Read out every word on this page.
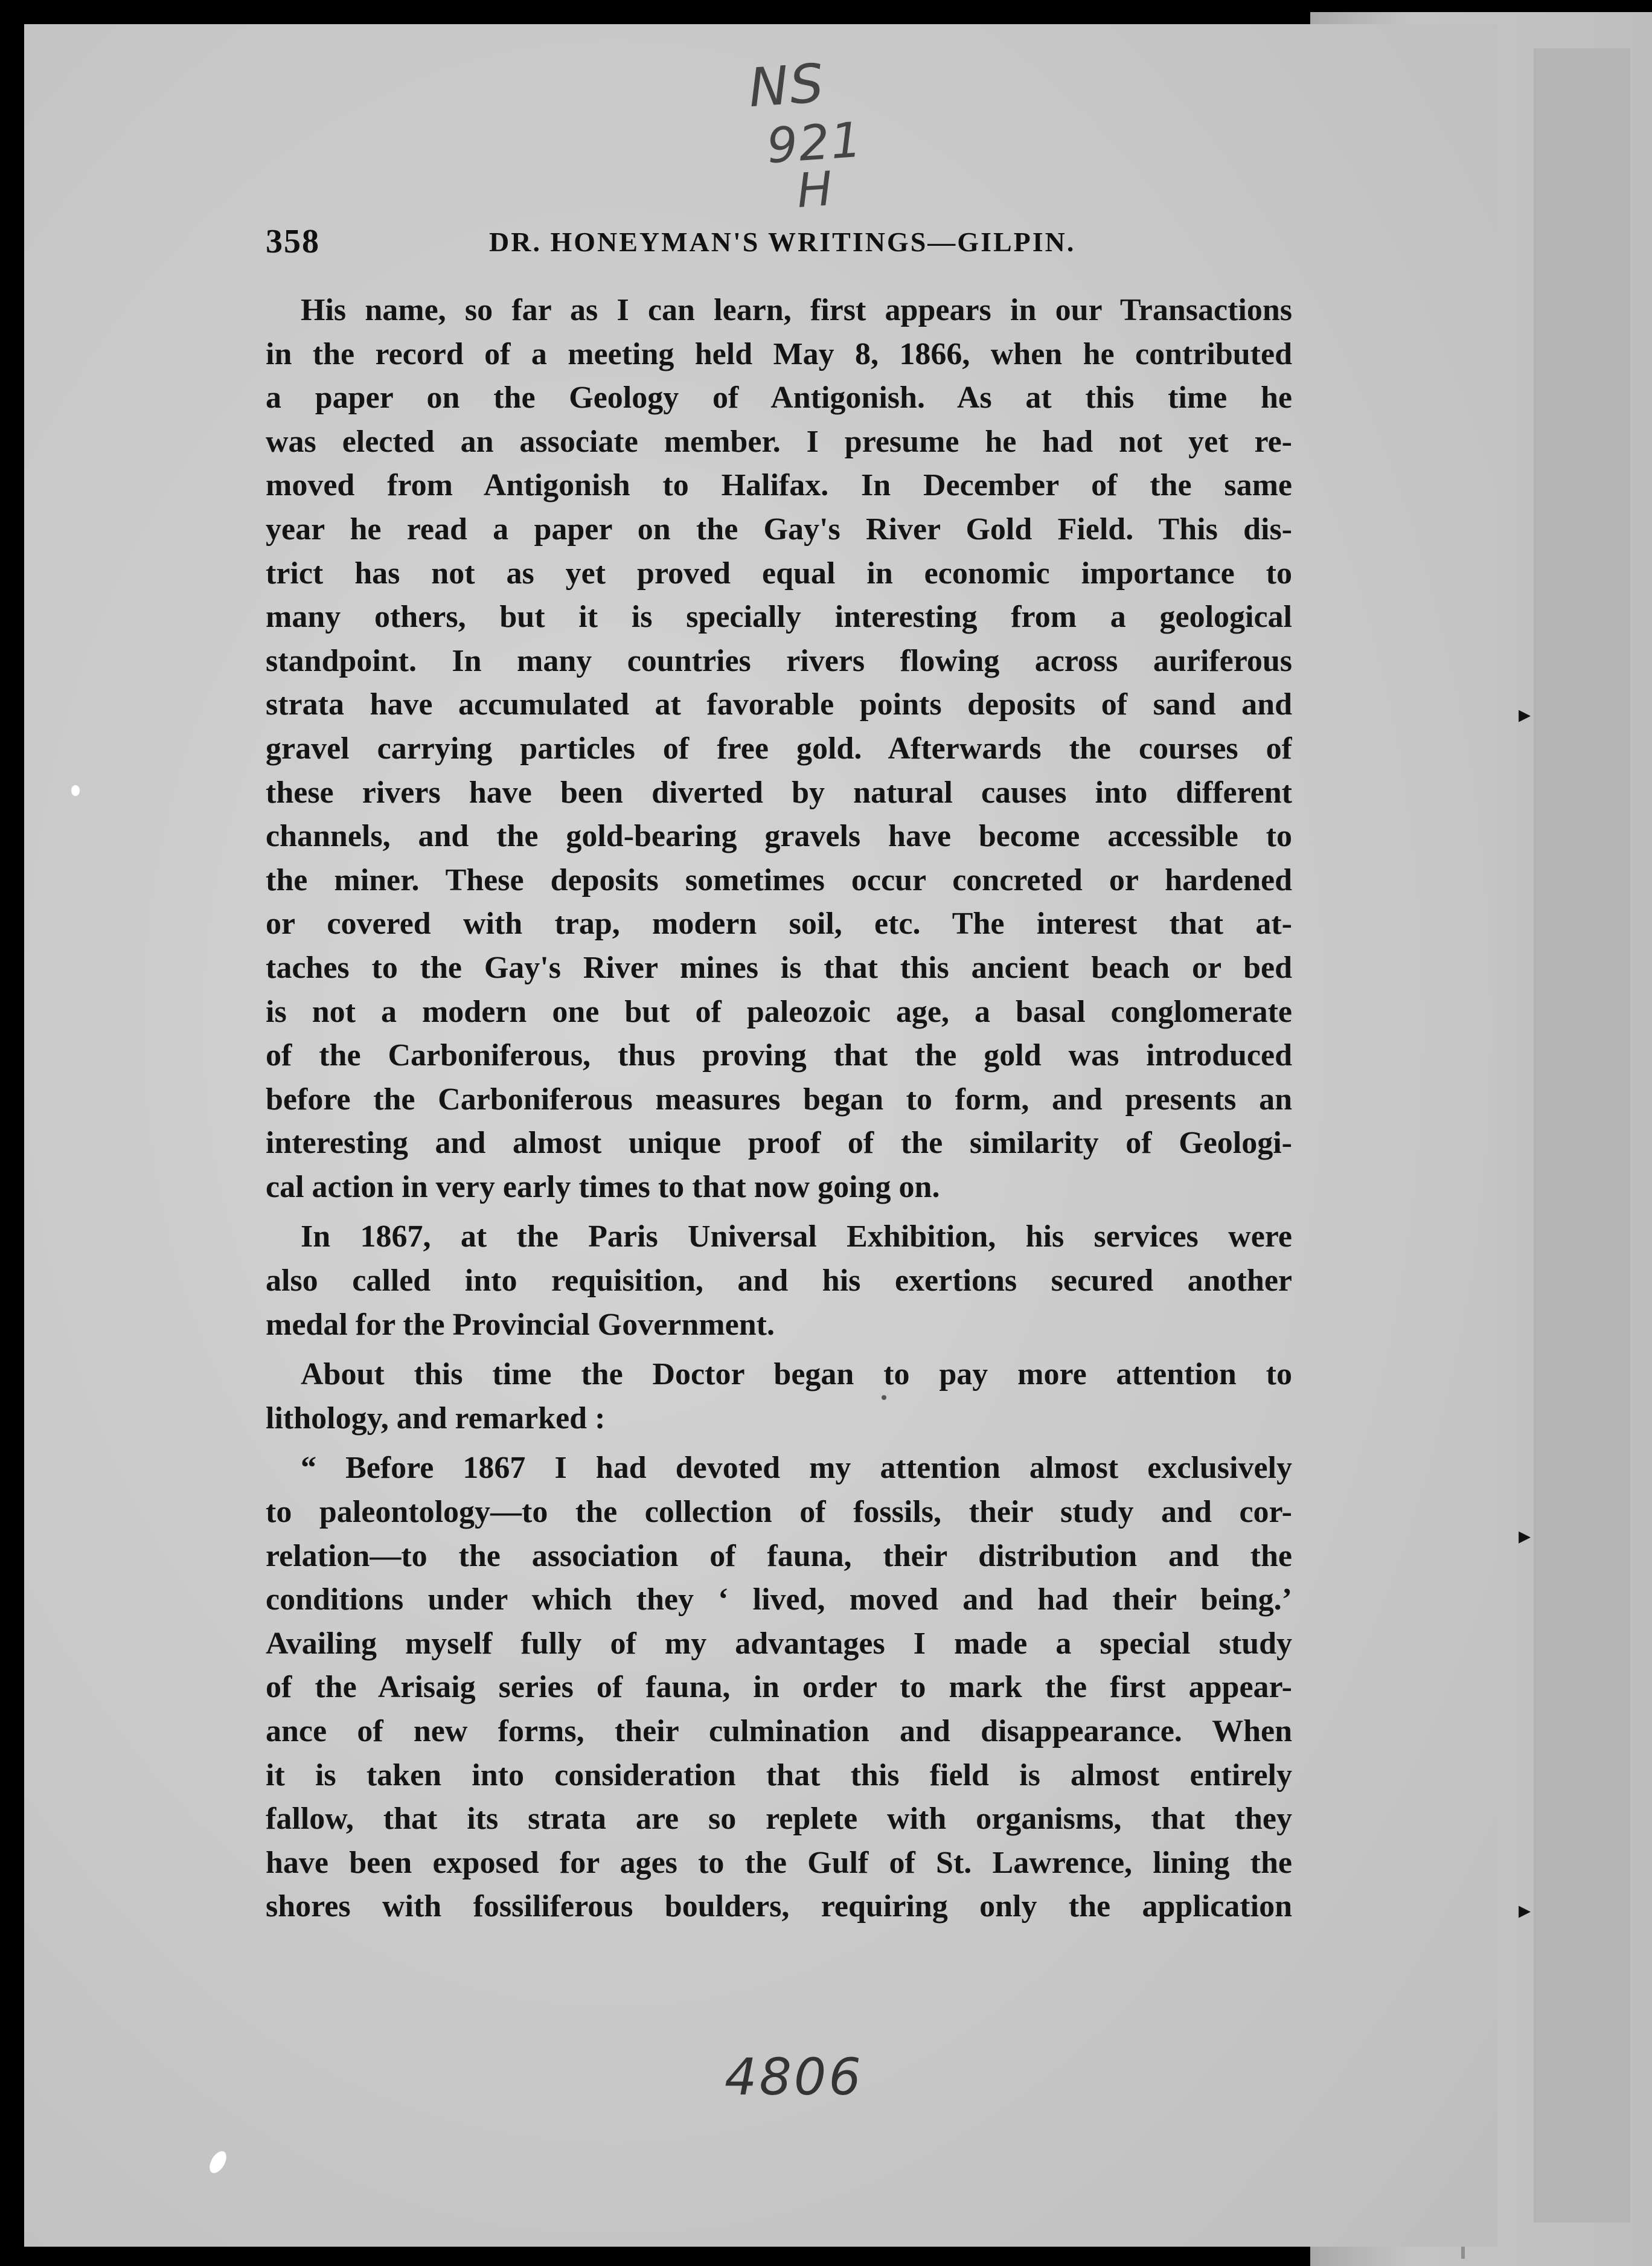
▸
▸
▸
NS
921
H
358	DR. HONEYMAN'S WRITINGS—GILPIN.
His name, so far as I can learn, first appears in our Transactions
in the record of a meeting held May 8, 1866, when he contributed
a paper on the Geology of Antigonish. As at this time he
was elected an associate member. I presume he had not yet re-
moved from Antigonish to Halifax. In December of the same
year he read a paper on the Gay's River Gold Field. This dis-
trict has not as yet proved equal in economic importance to
many others, but it is specially interesting from a geological
standpoint. In many countries rivers flowing across auriferous
strata have accumulated at favorable points deposits of sand and
gravel carrying particles of free gold. Afterwards the courses of
these rivers have been diverted by natural causes into different
channels, and the gold-bearing gravels have become accessible to
the miner. These deposits sometimes occur concreted or hardened
or covered with trap, modern soil, etc. The interest that at-
taches to the Gay's River mines is that this ancient beach or bed
is not a modern one but of paleozoic age, a basal conglomerate
of the Carboniferous, thus proving that the gold was introduced
before the Carboniferous measures began to form, and presents an
interesting and almost unique proof of the similarity of Geologi-
cal action in very early times to that now going on.
In 1867, at the Paris Universal Exhibition, his services were
also called into requisition, and his exertions secured another
medal for the Provincial Government.
About this time the Doctor began to pay more attention to
lithology, and remarked :
“ Before 1867 I had devoted my attention almost exclusively
to paleontology—to the collection of fossils, their study and cor-
relation—to the association of fauna, their distribution and the
conditions under which they ‘ lived, moved and had their being.’
Availing myself fully of my advantages I made a special study
of the Arisaig series of fauna, in order to mark the first appear-
ance of new forms, their culmination and disappearance. When
it is taken into consideration that this field is almost entirely
fallow, that its strata are so replete with organisms, that they
have been exposed for ages to the Gulf of St. Lawrence, lining the
shores with fossiliferous boulders, requiring only the application
4806
